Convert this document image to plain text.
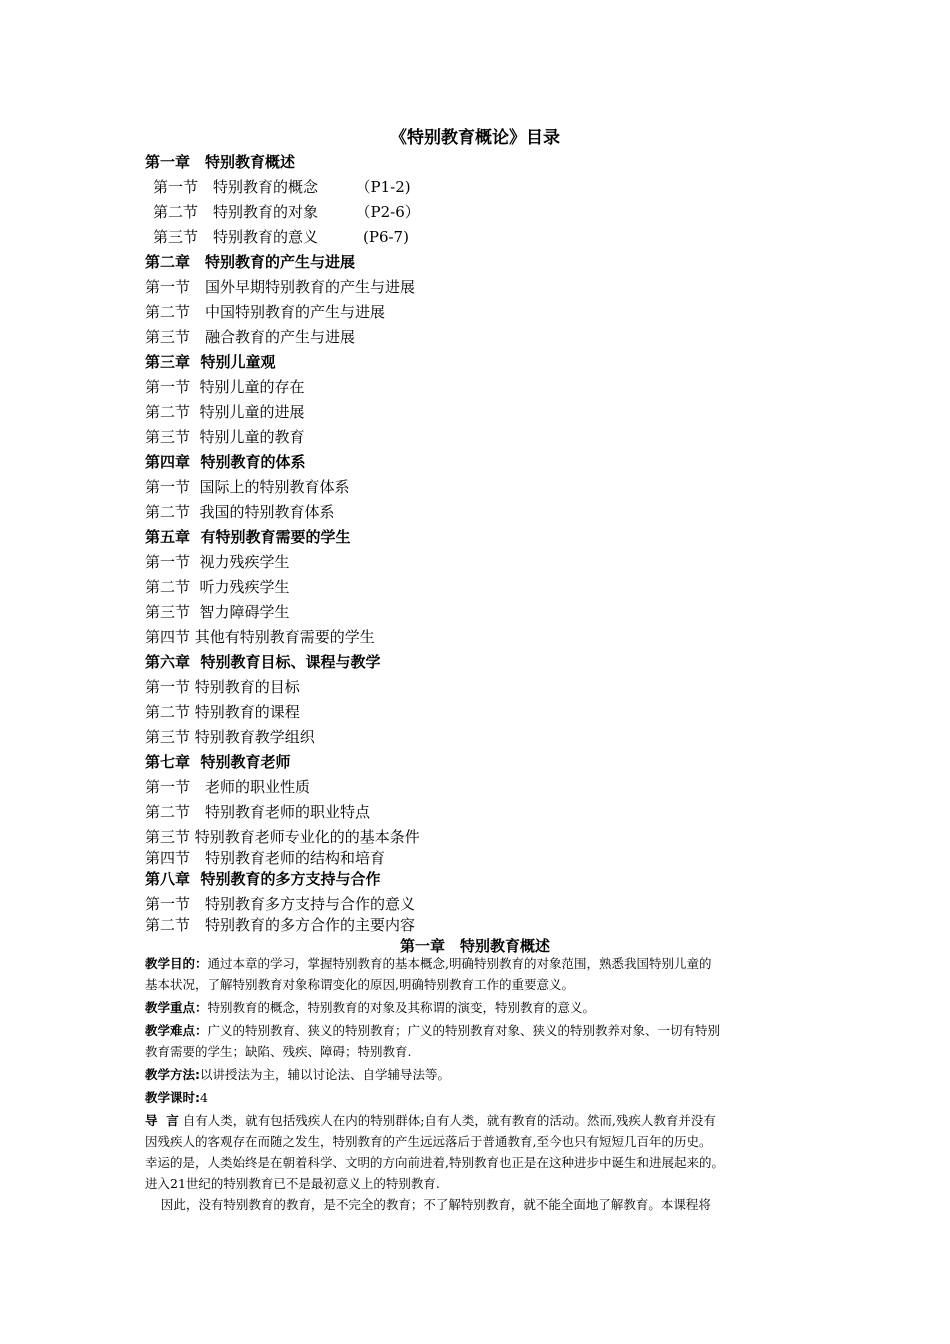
《特别教育概论》目录
第一章　特别教育概述
第一节　特别教育的概念　　　（P1-2)
第二节　特别教育的对象　　　（P2-6）
第三节　特别教育的意义　　　(P6-7)
第二章　特别教育的产生与进展
第一节　国外早期特别教育的产生与进展
第二节　中国特别教育的产生与进展
第三节　融合教育的产生与进展
第三章  特别儿童观
第一节  特别儿童的存在
第二节  特别儿童的进展
第三节  特别儿童的教育
第四章  特别教育的体系
第一节  国际上的特别教育体系
第二节  我国的特别教育体系
第五章  有特别教育需要的学生
第一节  视力残疾学生
第二节  听力残疾学生
第三节  智力障碍学生
第四节 其他有特别教育需要的学生
第六章  特别教育目标、课程与教学
第一节 特别教育的目标
第二节 特别教育的课程
第三节 特别教育教学组织
第七章  特别教育老师
第一节　老师的职业性质
第二节　特别教育老师的职业特点
第三节 特别教育老师专业化的的基本条件
第四节　特别教育老师的结构和培育
第八章  特别教育的多方支持与合作
第一节　特别教育多方支持与合作的意义
第二节　特别教育的多方合作的主要内容
第一章　特别教育概述

教学目的：通过本章的学习，掌握特别教育的基本概念,明确特别教育的对象范围，熟悉我国特别儿童的

基本状况，了解特别教育对象称谓变化的原因,明确特别教育工作的重要意义。

教学重点：特别教育的概念，特别教育的对象及其称谓的演变，特别教育的意义。

教学难点：广义的特别教育、狭义的特别教育；广义的特别教育对象、狭义的特别教养对象、一切有特别

教育需要的学生；缺陷、残疾、障碍；特别教育.

教学方法:以讲授法为主，辅以讨论法、自学辅导法等。

教学课时:4

导  言 自有人类，就有包括残疾人在内的特别群体;自有人类，就有教育的活动。然而,残疾人教育并没有

因残疾人的客观存在而随之发生，特别教育的产生远远落后于普通教育,至今也只有短短几百年的历史。

幸运的是，人类始终是在朝着科学、文明的方向前进着,特别教育也正是在这种进步中诞生和进展起来的。

进入21世纪的特别教育已不是最初意义上的特别教育.

因此，没有特别教育的教育，是不完全的教育；不了解特别教育，就不能全面地了解教育。本课程将
